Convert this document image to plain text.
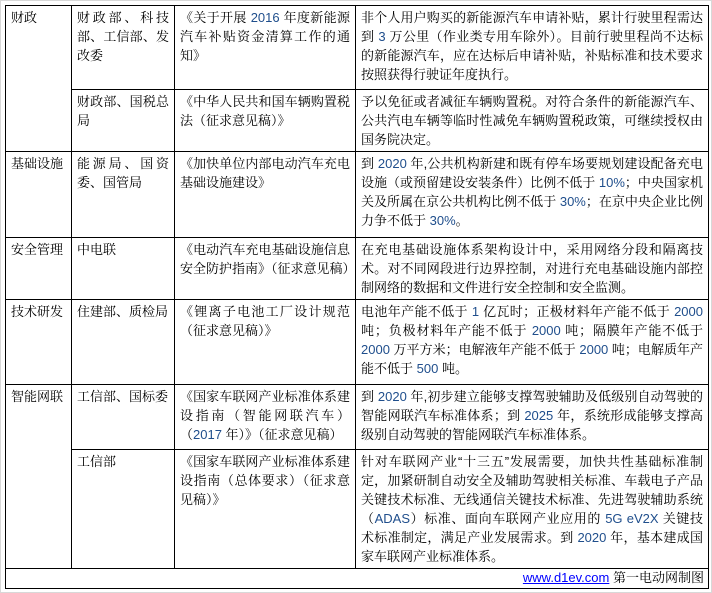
财政	财政部、科技部、工信部、发改委	《关于开展 2016 年度新能源汽车补贴资金清算工作的通知》	非个人用户购买的新能源汽车申请补贴，累计行驶里程需达到 3 万公里（作业类专用车除外）。目前行驶里程尚不达标的新能源汽车，应在达标后申请补贴，补贴标准和技术要求按照获得行驶证年度执行。
	财政部、国税总局	《中华人民共和国车辆购置税法（征求意见稿）》	予以免征或者减征车辆购置税。对符合条件的新能源汽车、公共汽电车辆等临时性减免车辆购置税政策，可继续授权由国务院决定。
基础设施	能源局、国资委、国管局	《加快单位内部电动汽车充电基础设施建设》	到 2020 年,公共机构新建和既有停车场要规划建设配备充电设施（或预留建设安装条件）比例不低于 10%；中央国家机关及所属在京公共机构比例不低于 30%；在京中央企业比例力争不低于 30%。
安全管理	中电联	《电动汽车充电基础设施信息安全防护指南》（征求意见稿）	在充电基础设施体系架构设计中，采用网络分段和隔离技术。对不同网段进行边界控制，对进行充电基础设施内部控制网络的数据和文件进行安全控制和安全监测。
技术研发	住建部、质检局	《锂离子电池工厂设计规范（征求意见稿）》	电池年产能不低于 1 亿瓦时；正极材料年产能不低于 2000 吨；负极材料年产能不低于 2000 吨；隔膜年产能不低于 2000 万平方米；电解液年产能不低于 2000 吨；电解质年产能不低于 500 吨。
智能网联	工信部、国标委	《国家车联网产业标准体系建设指南（智能网联汽车）（2017 年）》（征求意见稿）	到 2020 年,初步建立能够支撑驾驶辅助及低级别自动驾驶的智能网联汽车标准体系；到 2025 年，系统形成能够支撑高级别自动驾驶的智能网联汽车标准体系。
	工信部	《国家车联网产业标准体系建设指南（总体要求）（征求意见稿）》	针对车联网产业“十三五”发展需要，加快共性基础标准制定，加紧研制自动安全及辅助驾驶相关标准、车载电子产品关键技术标准、无线通信关键技术标准、先进驾驶辅助系统（ADAS）标准、面向车联网产业应用的 5G eV2X 关键技术标准制定，满足产业发展需求。到 2020 年，基本建成国家车联网产业标准体系。
www.d1ev.com 第一电动网制图			
